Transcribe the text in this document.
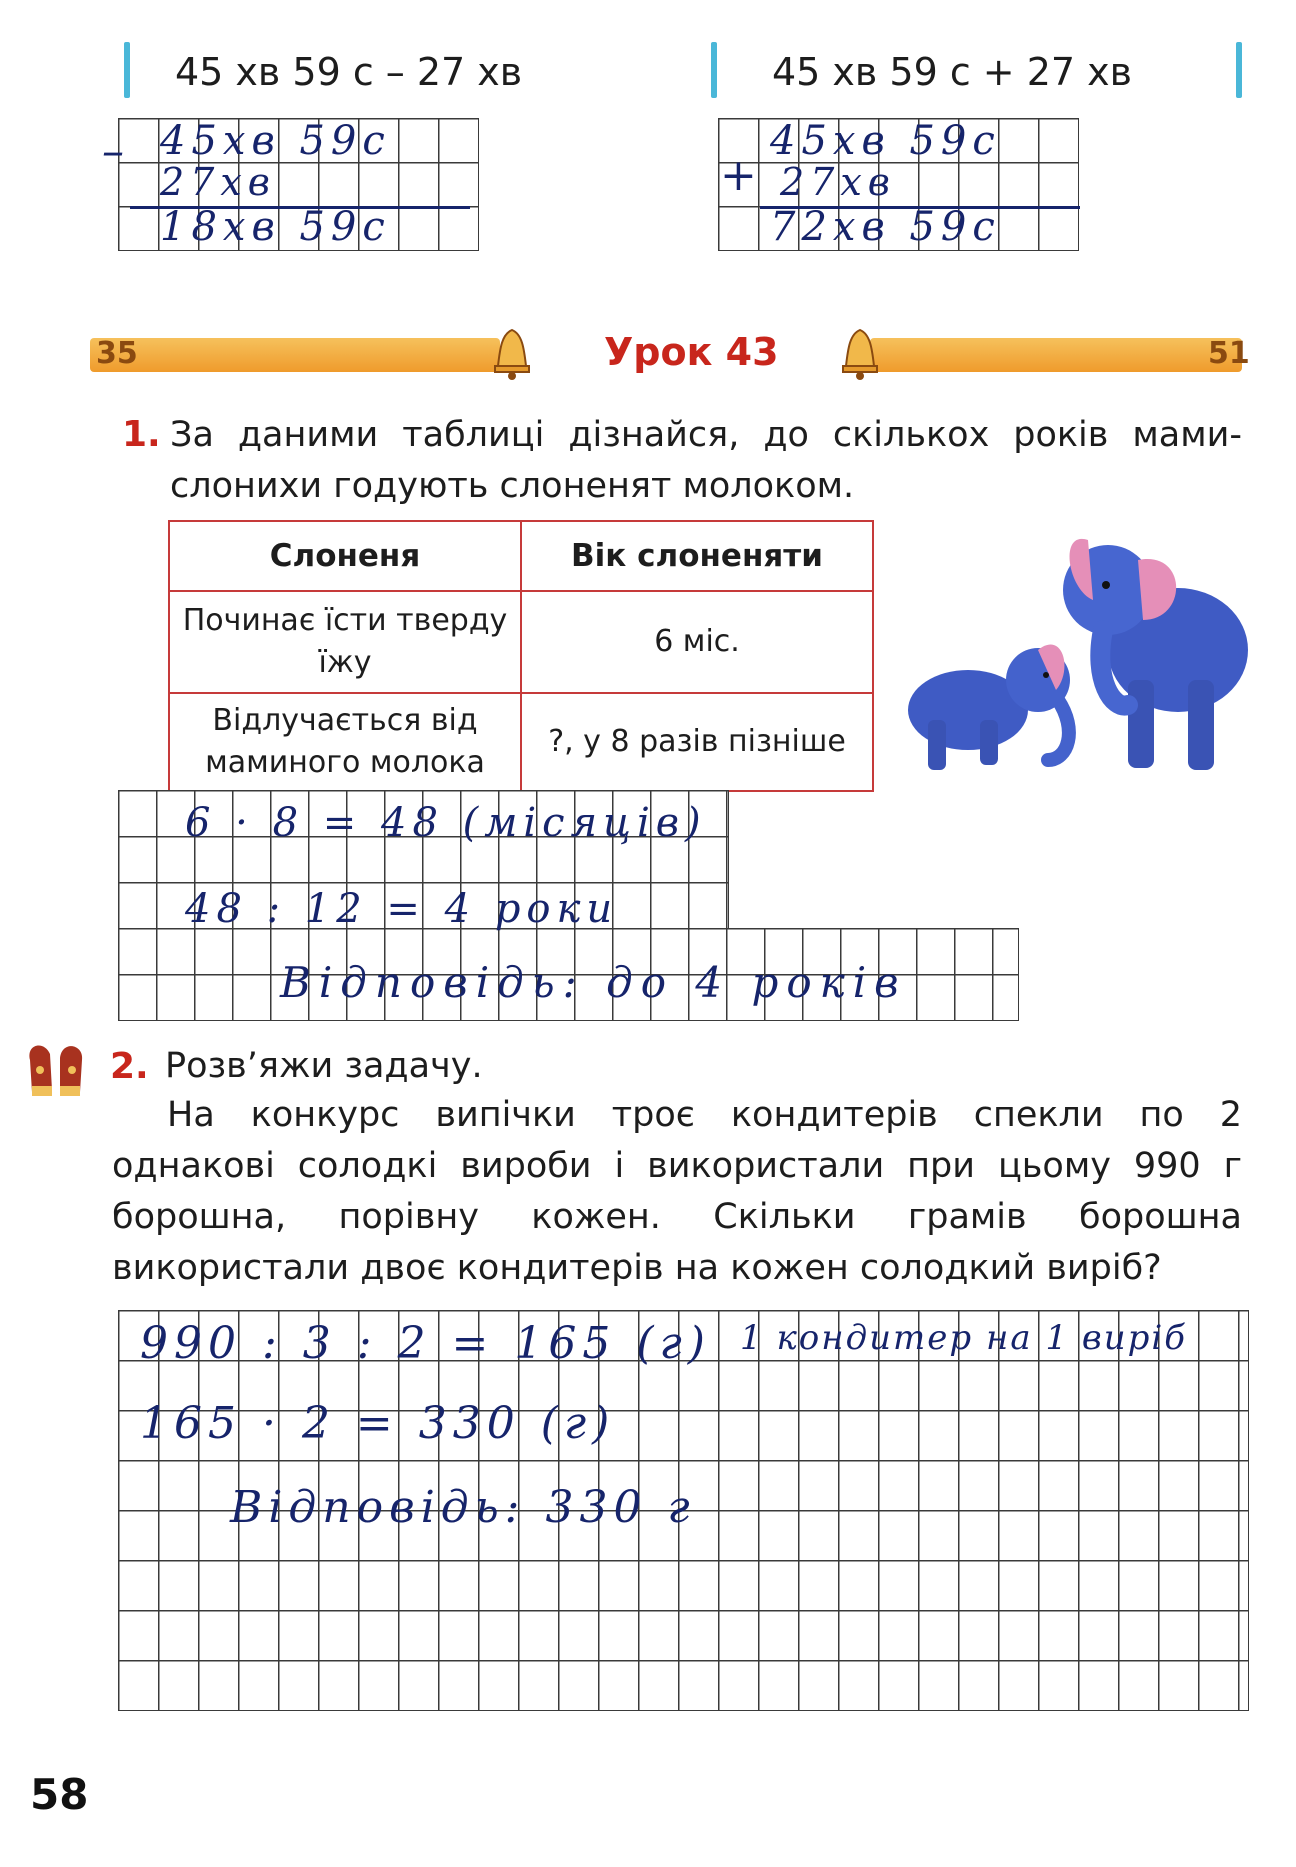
45 хв 59 с – 27 хв	45 хв 59 с + 27 хв
– 45хв 59с
27хв
18хв 59с
+
45хв 59с
27хв
72хв 59с
35	51
Урок 43
1. За даними таблиці дізнайся, до скількох років мами-слонихи годують слоненят молоком.
Слоненя	Вік слоненяти
Починає їсти тверду їжу	6 міс.
Відлучається від маминого молока	?, у 8 разів пізніше
6 · 8 = 48 (місяців)
48 : 12 = 4 роки
Відповідь: до 4 років
2. Розв’яжи задачу.
На конкурс випічки троє кондитерів спекли по 2 однакові солодкі вироби і використали при цьому 990 г борошна, порівну кожен. Скільки грамів борошна використали двоє кондитерів на кожен солодкий виріб?
990 : 3 : 2 = 165 (г) 1 кондитер на 1 виріб
165 · 2 = 330 (г)
Відповідь: 330 г
58
